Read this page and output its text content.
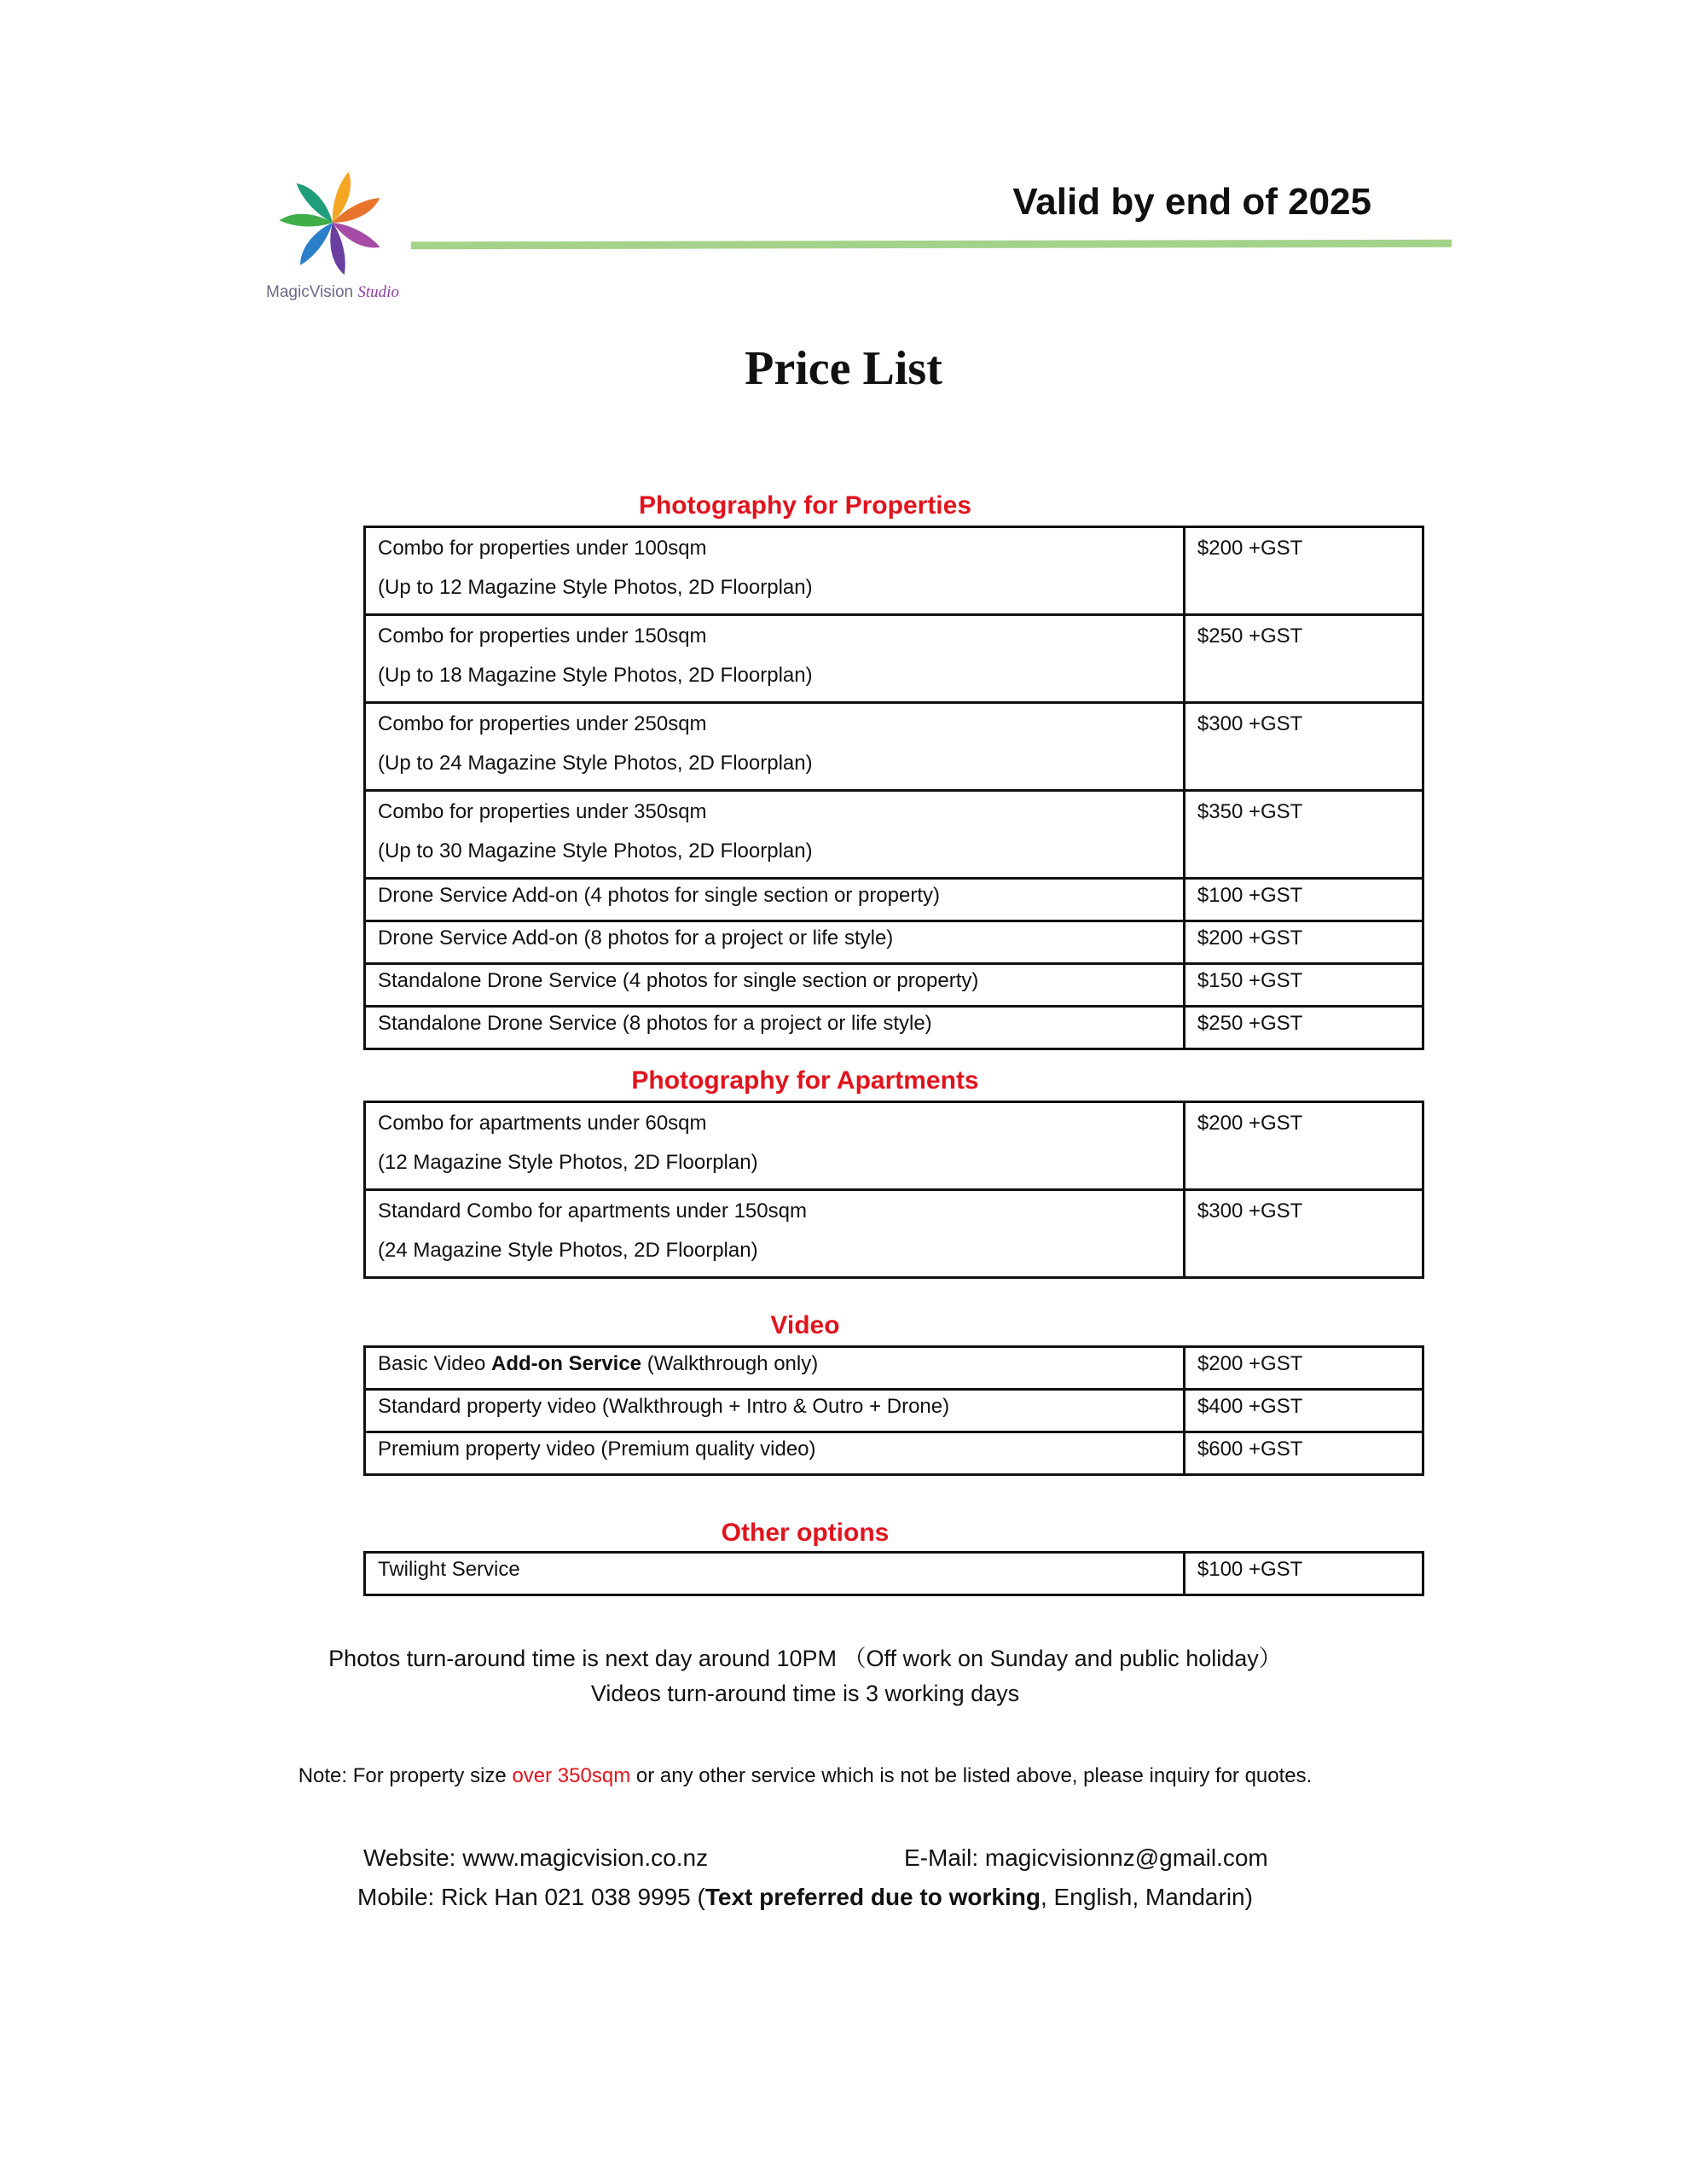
MagicVision Studio
Valid by end of 2025
Price List
Photography for Properties
Combo for properties under 100sqm
(Up to 12 Magazine Style Photos, 2D Floorplan)	$200 +GST

Combo for properties under 150sqm
(Up to 18 Magazine Style Photos, 2D Floorplan)	$250 +GST

Combo for properties under 250sqm
(Up to 24 Magazine Style Photos, 2D Floorplan)	$300 +GST

Combo for properties under 350sqm
(Up to 30 Magazine Style Photos, 2D Floorplan)	$350 +GST
Drone Service Add-on (4 photos for single section or property)	$100 +GST
Drone Service Add-on (8 photos for a project or life style)	$200 +GST
Standalone Drone Service (4 photos for single section or property)	$150 +GST
Standalone Drone Service (8 photos for a project or life style)	$250 +GST
Photography for Apartments
Combo for apartments under 60sqm
(12 Magazine Style Photos, 2D Floorplan)	$200 +GST

Standard Combo for apartments under 150sqm
(24 Magazine Style Photos, 2D Floorplan)	$300 +GST
Video
Basic Video Add-on Service (Walkthrough only)	$200 +GST
Standard property video (Walkthrough + Intro & Outro + Drone)	$400 +GST
Premium property video (Premium quality video)	$600 +GST
Other options
Twilight Service	$100 +GST
Photos turn-around time is next day around 10PM （Off work on Sunday and public holiday）
Videos turn-around time is 3 working days
Note: For property size over 350sqm or any other service which is not be listed above, please inquiry for quotes.
Website: www.magicvision.co.nz	E-Mail: magicvisionnz@gmail.com
Mobile: Rick Han 021 038 9995 (Text preferred due to working, English, Mandarin)
